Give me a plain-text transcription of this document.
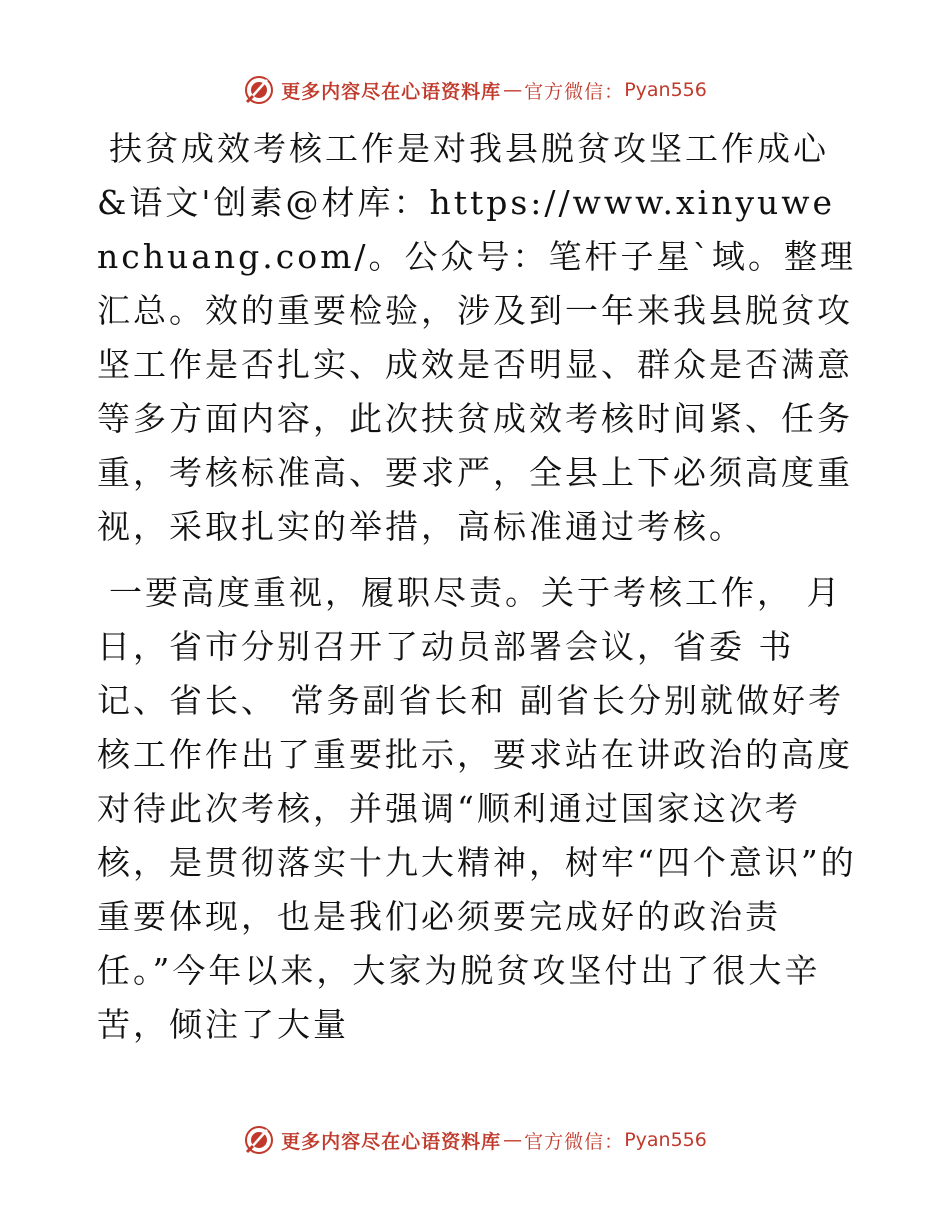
更多内容尽在心语资料库 — 官方微信： Pyan556

扶贫成效考核工作是对我县脱贫攻坚工作成心&语文'创素@材库：https://www.xinyuwenchuang.com/。公众号：笔杆子星`域。整理汇总。效的重要检验，涉及到一年来我县脱贫攻坚工作是否扎实、成效是否明显、群众是否满意等多方面内容，此次扶贫成效考核时间紧、任务重，考核标准高、要求严，全县上下必须高度重视，采取扎实的举措，高标准通过考核。

一要高度重视，履职尽责。关于考核工作， 月 日，省市分别召开了动员部署会议，省委 书记、省长、 常务副省长和 副省长分别就做好考核工作作出了重要批示，要求站在讲政治的高度对待此次考核，并强调“顺利通过国家这次考核，是贯彻落实十九大精神，树牢“四个意识”的重要体现，也是我们必须要完成好的政治责任。”今年以来，大家为脱贫攻坚付出了很大辛苦，倾注了大量

更多内容尽在心语资料库 — 官方微信： Pyan556
